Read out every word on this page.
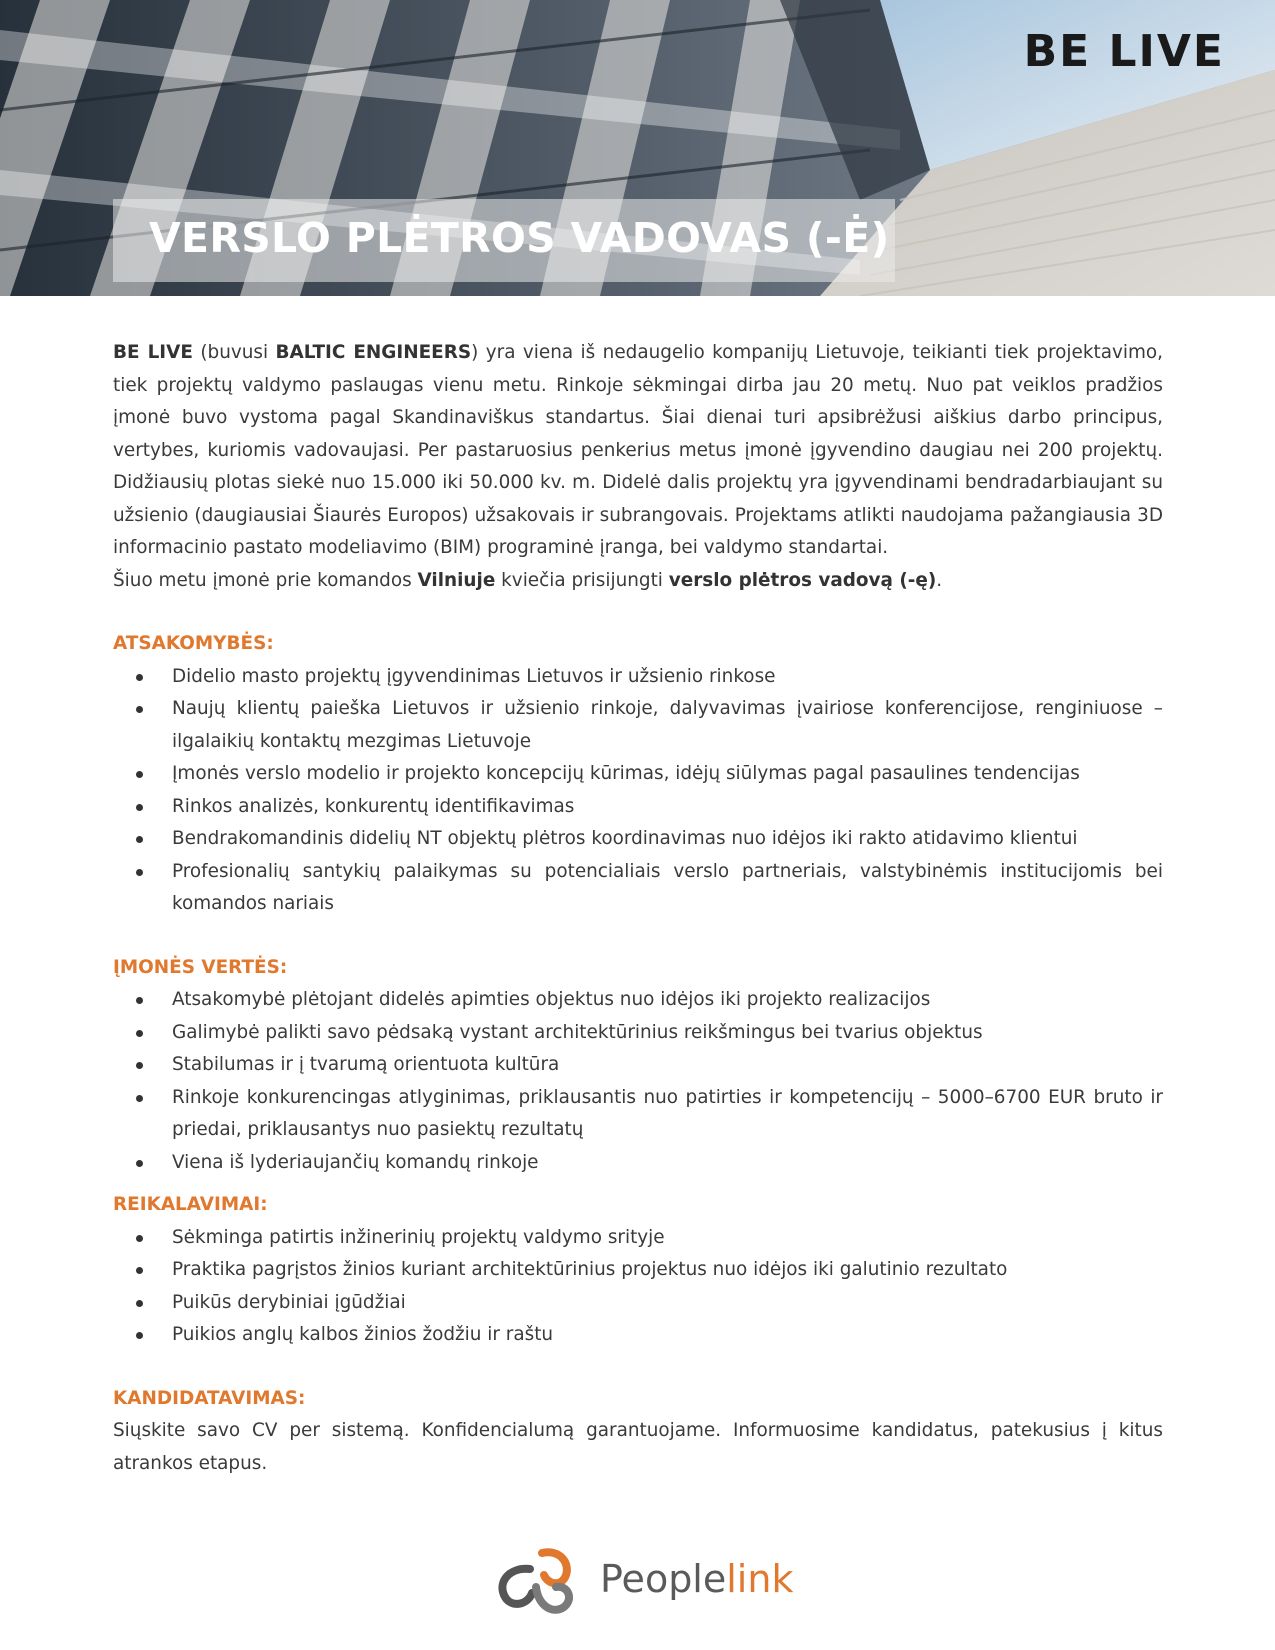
BE LIVE
VERSLO PLĖTROS VADOVAS (-Ė)

BE LIVE (buvusi BALTIC ENGINEERS) yra viena iš nedaugelio kompanijų Lietuvoje, teikianti tiek projektavimo, tiek projektų valdymo paslaugas vienu metu. Rinkoje sėkmingai dirba jau 20 metų. Nuo pat veiklos pradžios įmonė buvo vystoma pagal Skandinaviškus standartus. Šiai dienai turi apsibrėžusi aiškius darbo principus, vertybes, kuriomis vadovaujasi. Per pastaruosius penkerius metus įmonė įgyvendino daugiau nei 200 projektų. Didžiausių plotas siekė nuo 15.000 iki 50.000 kv. m. Didelė dalis projektų yra įgyvendinami bendradarbiaujant su užsienio (daugiausiai Šiaurės Europos) užsakovais ir subrangovais. Projektams atlikti naudojama pažangiausia 3D informacinio pastato modeliavimo (BIM) programinė įranga, bei valdymo standartai.

Šiuo metu įmonė prie komandos Vilniuje kviečia prisijungti verslo plėtros vadovą (-ę).

ATSAKOMYBĖS:
Didelio masto projektų įgyvendinimas Lietuvos ir užsienio rinkose
Naujų klientų paieška Lietuvos ir užsienio rinkoje, dalyvavimas įvairiose konferencijose, renginiuose – ilgalaikių kontaktų mezgimas Lietuvoje
Įmonės verslo modelio ir projekto koncepcijų kūrimas, idėjų siūlymas pagal pasaulines tendencijas
Rinkos analizės, konkurentų identifikavimas
Bendrakomandinis didelių NT objektų plėtros koordinavimas nuo idėjos iki rakto atidavimo klientui
Profesionalių santykių palaikymas su potencialiais verslo partneriais, valstybinėmis institucijomis bei komandos nariais
ĮMONĖS VERTĖS:
Atsakomybė plėtojant didelės apimties objektus nuo idėjos iki projekto realizacijos
Galimybė palikti savo pėdsaką vystant architektūrinius reikšmingus bei tvarius objektus
Stabilumas ir į tvarumą orientuota kultūra
Rinkoje konkurencingas atlyginimas, priklausantis nuo patirties ir kompetencijų – 5000–6700 EUR bruto ir priedai, priklausantys nuo pasiektų rezultatų
Viena iš lyderiaujančių komandų rinkoje
REIKALAVIMAI:
Sėkminga patirtis inžinerinių projektų valdymo srityje
Praktika pagrįstos žinios kuriant architektūrinius projektus nuo idėjos iki galutinio rezultato
Puikūs derybiniai įgūdžiai
Puikios anglų kalbos žinios žodžiu ir raštu
KANDIDATAVIMAS:

Siųskite savo CV per sistemą. Konfidencialumą garantuojame. Informuosime kandidatus, patekusius į kitus atrankos etapus.

Peoplelink
